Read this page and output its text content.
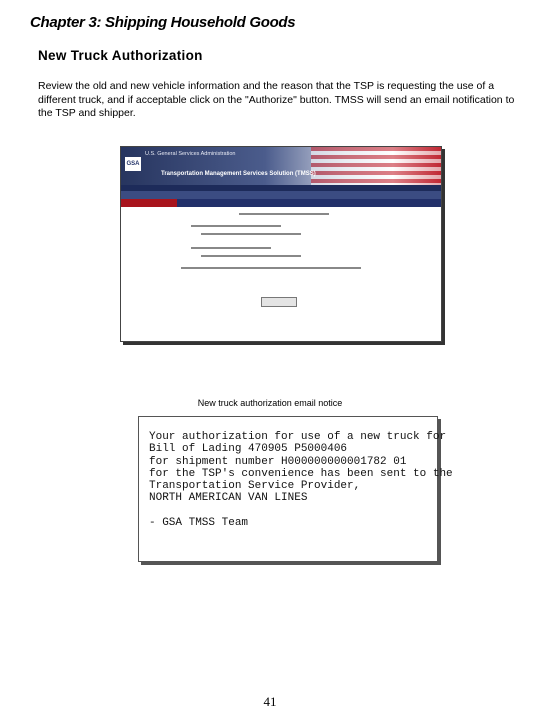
Chapter 3: Shipping Household Goods
New Truck Authorization
Review the old and new vehicle information and the reason that the TSP is requesting the use of a different truck, and if acceptable click on the "Authorize" button. TMSS will send an email notification to the TSP and shipper.
GSA
U.S. General Services Administration
Transportation Management Services Solution (TMSS)
New truck authorization email notice
Your authorization for use of a new truck for
Bill of Lading 470905 P5000406
for shipment number H000000000001782 01
for the TSP's convenience has been sent to the
Transportation Service Provider,
NORTH AMERICAN VAN LINES

- GSA TMSS Team
41
